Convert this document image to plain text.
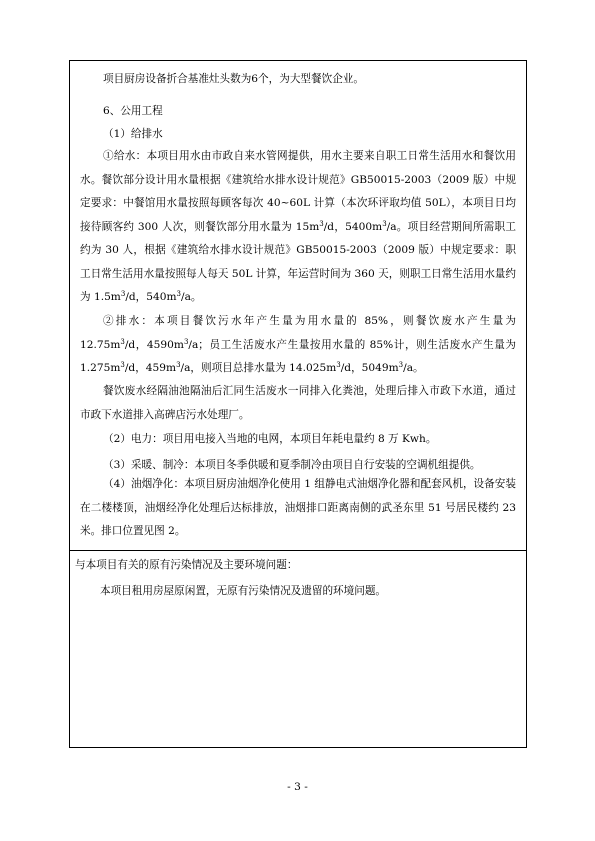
项目厨房设备折合基准灶头数为6个，为大型餐饮企业。
6、公用工程
（1）给排水
①给水：本项目用水由市政自来水管网提供，用水主要来自职工日常生活用水和餐饮用水。餐饮部分设计用水量根据《建筑给水排水设计规范》GB50015-2003（2009 版）中规定要求：中餐馆用水量按照每顾客每次 40~60L 计算（本次环评取均值 50L），本项目日均接待顾客约 300 人次，则餐饮部分用水量为 $15m^3/d$，$5400m^3/a$。项目经营期间所需职工约为 30 人，根据《建筑给水排水设计规范》GB50015-2003（2009 版）中规定要求：职工日常生活用水量按照每人每天 50L 计算，年运营时间为 360 天，则职工日常生活用水量约为 $1.5m^3/d$，$540m^3/a$。
②排水：本项目餐饮污水年产生量为用水量的 85%，则餐饮废水产生量为 $12.75m^3/d$，$4590m^3/a$；员工生活废水产生量按用水量的 85%计，则生活废水产生量为 $1.275m^3/d$，$459m^3/a$，则项目总排水量为 $14.025m^3/d$，$5049m^3/a$。
餐饮废水经隔油池隔油后汇同生活废水一同排入化粪池，处理后排入市政下水道，通过市政下水道排入高碑店污水处理厂。
（2）电力：项目用电接入当地的电网，本项目年耗电量约 8 万 Kwh。
（3）采暖、制冷：本项目冬季供暖和夏季制冷由项目自行安装的空调机组提供。
（4）油烟净化：本项目厨房油烟净化使用 1 组静电式油烟净化器和配套风机，设备安装在二楼楼顶，油烟经净化处理后达标排放，油烟排口距离南侧的武圣东里 51 号居民楼约 23 米。排口位置见图 2。
与本项目有关的原有污染情况及主要环境问题：
本项目租用房屋原闲置，无原有污染情况及遗留的环境问题。
- 3 -
